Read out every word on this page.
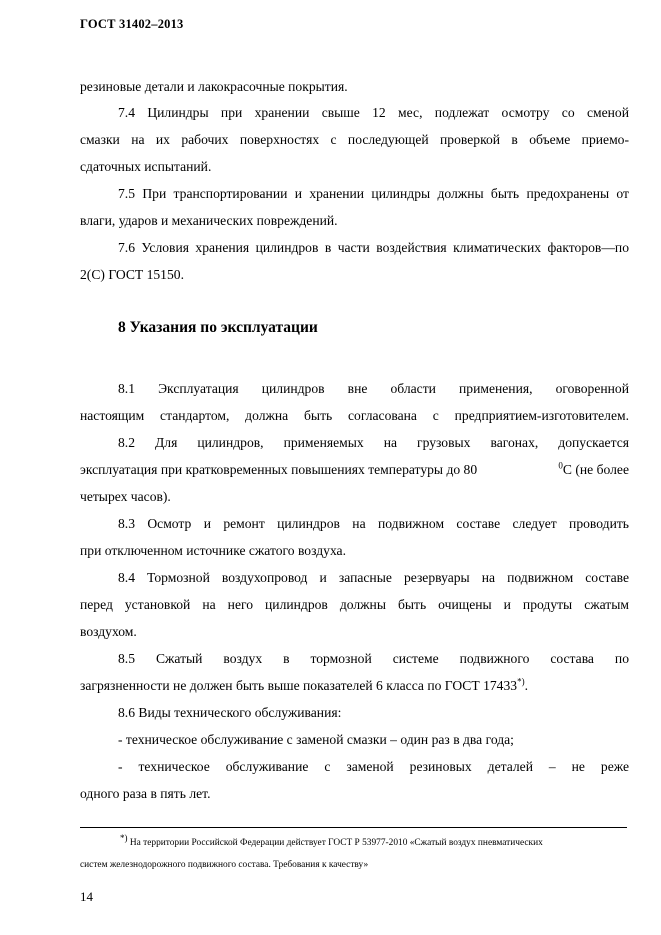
ГОСТ 31402–2013
резиновые детали и лакокрасочные покрытия.
7.4 Цилиндры при хранении свыше 12 мес, подлежат осмотру со сменой
смазки на их рабочих поверхностях с последующей проверкой в объеме приемо-
сдаточных испытаний.
7.5 При транспортировании и хранении цилиндры должны быть предохранены от
влаги, ударов и механических повреждений.
7.6 Условия хранения цилиндров в части воздействия климатических факторов—по
2(С) ГОСТ 15150.
8 Указания по эксплуатации
8.1 Эксплуатация цилиндров вне области применения, оговоренной
настоящим стандартом, должна быть согласована с предприятием-изготовителем.
8.2 Для цилиндров, применяемых на грузовых вагонах, допускается
эксплуатация при кратковременных повышениях температуры до 80	$^0$С (не более
четырех часов).
8.3 Осмотр и ремонт цилиндров на подвижном составе следует проводить
при отключенном источнике сжатого воздуха.
8.4 Тормозной воздухопровод и запасные резервуары на подвижном составе
перед установкой на него цилиндров должны быть очищены и продуты сжатым
воздухом.
8.5 Сжатый воздух в тормозной системе подвижного состава по
загрязненности не должен быть выше показателей 6 класса по ГОСТ 17433*).
8.6 Виды технического обслуживания:
- техническое обслуживание с заменой смазки – один раз в два года;
- техническое обслуживание с заменой резиновых деталей – не реже
одного раза в пять лет.
*) На территории Российской Федерации действует ГОСТ Р 53977-2010 «Сжатый воздух пневматических
систем железнодорожного подвижного состава. Требования к качеству»
14
